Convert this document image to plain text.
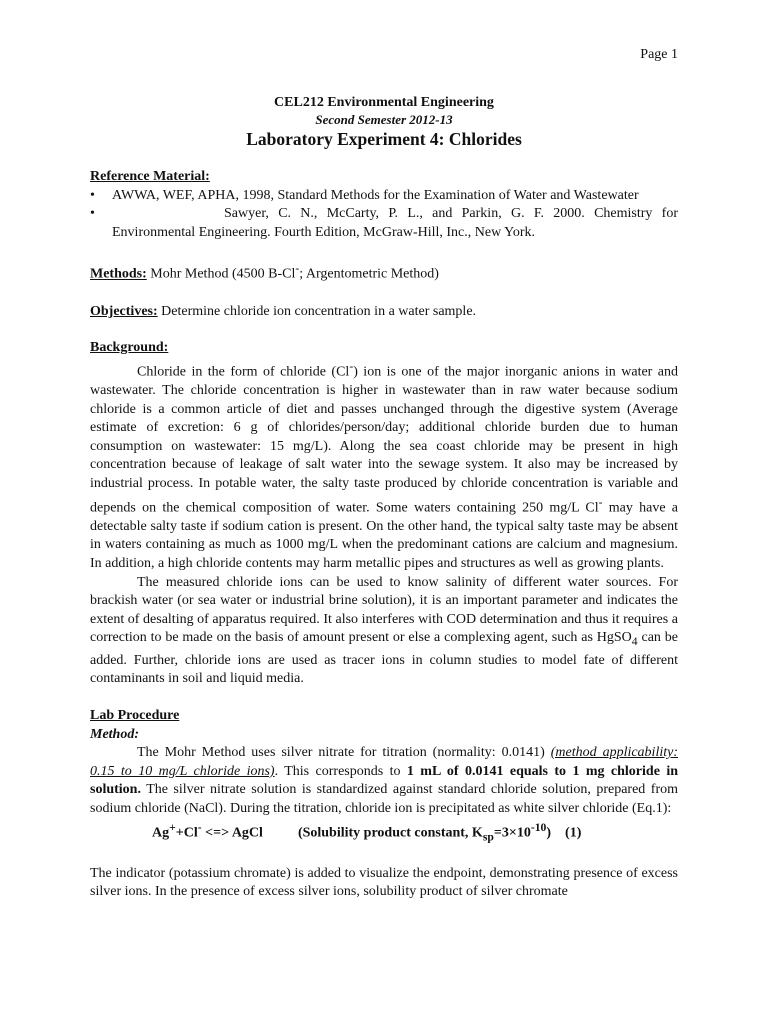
Page 1
CEL212 Environmental Engineering
Second Semester 2012-13
Laboratory Experiment 4: Chlorides
Reference Material:
• AWWA, WEF, APHA, 1998, Standard Methods for the Examination of Water and Wastewater
•	Sawyer, C. N., McCarty, P. L., and Parkin, G. F. 2000. Chemistry for Environmental Engineering. Fourth Edition, McGraw-Hill, Inc., New York.

Methods: Mohr Method (4500 B-Cl-; Argentometric Method)

Objectives: Determine chloride ion concentration in a water sample.

Background:

Chloride in the form of chloride (Cl-) ion is one of the major inorganic anions in water and wastewater. The chloride concentration is higher in wastewater than in raw water because sodium chloride is a common article of diet and passes unchanged through the digestive system (Average estimate of excretion: 6 g of chlorides/person/day; additional chloride burden due to human consumption on wastewater: 15 mg/L). Along the sea coast chloride may be present in high concentration because of leakage of salt water into the sewage system. It also may be increased by industrial process. In potable water, the salty taste produced by chloride concentration is variable and depends on the chemical composition of water. Some waters containing 250 mg/L Cl- may have a detectable salty taste if sodium cation is present. On the other hand, the typical salty taste may be absent in waters containing as much as 1000 mg/L when the predominant cations are calcium and magnesium. In addition, a high chloride contents may harm metallic pipes and structures as well as growing plants.

The measured chloride ions can be used to know salinity of different water sources. For brackish water (or sea water or industrial brine solution), it is an important parameter and indicates the extent of desalting of apparatus required. It also interferes with COD determination and thus it requires a correction to be made on the basis of amount present or else a complexing agent, such as HgSO$_4$ can be added. Further, chloride ions are used as tracer ions in column studies to model fate of different contaminants in soil and liquid media.

Lab Procedure
Method:

The Mohr Method uses silver nitrate for titration (normality: 0.0141) (method applicability: 0.15 to 10 mg/L chloride ions). This corresponds to 1 mL of 0.0141 equals to 1 mg chloride in solution. The silver nitrate solution is standardized against standard chloride solution, prepared from sodium chloride (NaCl). During the titration, chloride ion is precipitated as white silver chloride (Eq.1):

Ag++Cl- <=> AgCl	(Solubility product constant, $K_{sp}=3\times 10^{-10}$) (1)

The indicator (potassium chromate) is added to visualize the endpoint, demonstrating presence of excess silver ions. In the presence of excess silver ions, solubility product of silver chromate
